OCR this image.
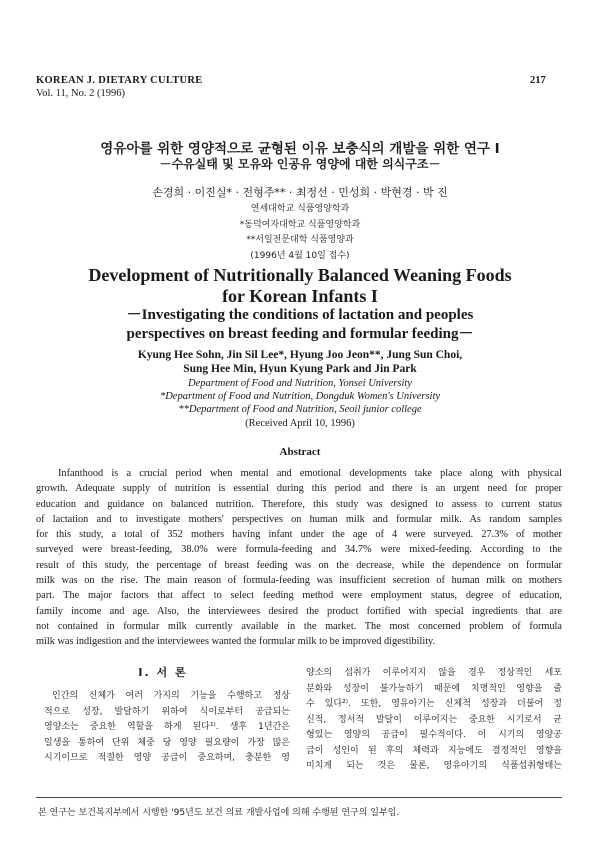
KOREAN J. DIETARY CULTURE
Vol. 11, No. 2 (1996)
217
영유아를 위한 영양적으로 균형된 이유 보충식의 개발을 위한 연구 I
－수유실태 및 모유와 인공유 영양에 대한 의식구조－
손경희 · 이진실* · 전형주** · 최정선 · 민성희 · 박현경 · 박 진
연세대학교 식품영양학과
*동덕여자대학교 식품영양학과
**서일전문대학 식품영양과
(1996년 4월 10일 접수)
Development of Nutritionally Balanced Weaning Foods
for Korean Infants I
－Investigating the conditions of lactation and peoples
perspectives on breast feeding and formular feeding－
Kyung Hee Sohn, Jin Sil Lee*, Hyung Joo Jeon**, Jung Sun Choi,
Sung Hee Min, Hyun Kyung Park and Jin Park
Department of Food and Nutrition, Yonsei University
*Department of Food and Nutrition, Dongduk Women's University
**Department of Food and Nutrition, Seoil junior college
(Received April 10, 1996)
Abstract
Infanthood is a crucial period when mental and emotional developments take place along with physical
growth. Adequate supply of nutrition is essential during this period and there is an urgent need for proper
education and guidance on balanced nutrition. Therefore, this study was designed to assess to current status
of lactation and to investigate mothers' perspectives on human milk and formular milk. As random samples
for this study, a total of 352 mothers having infant under the age of 4 were surveyed. 27.3% of mother
surveyed were breast-feeding, 38.0% were formula-feeding and 34.7% were mixed-feeding. According to the
result of this study, the percentage of breast feeding was on the decrease, while the dependence on formular
milk was on the rise. The main reason of formula-feeding was insufficient secretion of human milk on mothers
part. The major factors that affect to select feeding method were employment status, degree of education,
family income and age. Also, the interviewees desired the product fortified with special ingredients that are
not contained in formular milk currently available in the market. The most concerned problem of formula
milk was indigestion and the interviewees wanted the formular milk to be improved digestibility.
I. 서 론
인간의 신체가 여러 가지의 기능을 수행하고 정상
적으로 성장, 발달하기 위하여 식이로부터 공급되는
영양소는 중요한 역할을 하게 된다¹⁾. 생후 1년간은
일생을 통하여 단위 체중 당 영양 필요량이 가장 많은
시기이므로 적절한 영양 공급이 중요하며, 충분한 영
양소의 섭취가 이루어지지 않을 경우 정상적인 세포
분화와 성장이 불가능하기 때문에 치명적인 영향을 줄
수 있다²⁾. 또한, 영유아기는 신체적 성장과 더불어 정
신적, 정서적 발달이 이루어지는 중요한 시기로서 균
형있는 영양의 공급이 필수적이다. 이 시기의 영양공
급이 성인이 된 후의 체력과 지능에도 결정적인 영향을
미치게 되는 것은 물론, 영유아기의 식품섭취형태는
본 연구는 보건복지부에서 시행한 '95년도 보건 의료 개발사업에 의해 수행된 연구의 일부임.
